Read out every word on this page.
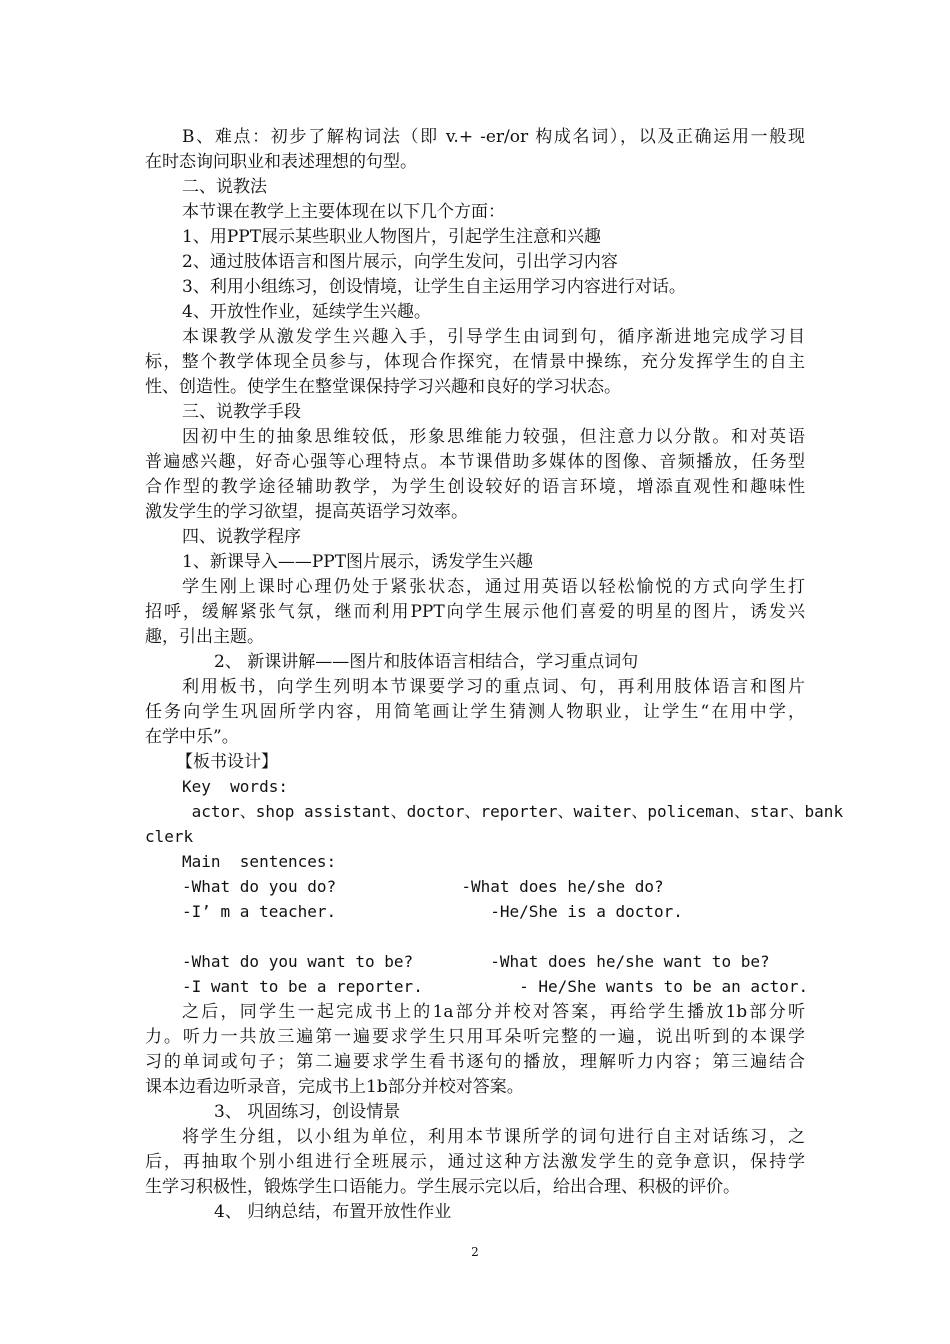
B、难点：初步了解构词法（即 v.+ -er/or 构成名词），以及正确运用一般现
在时态询问职业和表述理想的句型。
二、说教法
本节课在教学上主要体现在以下几个方面：
1、用PPT展示某些职业人物图片，引起学生注意和兴趣
2、通过肢体语言和图片展示，向学生发问，引出学习内容
3、利用小组练习，创设情境，让学生自主运用学习内容进行对话。
4、开放性作业，延续学生兴趣。
本课教学从激发学生兴趣入手，引导学生由词到句，循序渐进地完成学习目
标，整个教学体现全员参与，体现合作探究，在情景中操练，充分发挥学生的自主
性、创造性。使学生在整堂课保持学习兴趣和良好的学习状态。
三、说教学手段
因初中生的抽象思维较低，形象思维能力较强，但注意力以分散。和对英语
普遍感兴趣，好奇心强等心理特点。本节课借助多媒体的图像、音频播放，任务型
合作型的教学途径辅助教学，为学生创设较好的语言环境，增添直观性和趣味性
激发学生的学习欲望，提高英语学习效率。
四、说教学程序
1、新课导入——PPT图片展示，诱发学生兴趣
学生刚上课时心理仍处于紧张状态，通过用英语以轻松愉悦的方式向学生打
招呼，缓解紧张气氛，继而利用PPT向学生展示他们喜爱的明星的图片，诱发兴
趣，引出主题。
2、 新课讲解——图片和肢体语言相结合，学习重点词句
利用板书，向学生列明本节课要学习的重点词、句，再利用肢体语言和图片
任务向学生巩固所学内容，用简笔画让学生猜测人物职业，让学生“在用中学，
在学中乐”。
【板书设计】
Key  words:
actor、shop assistant、doctor、reporter、waiter、policeman、star、bank
clerk
Main  sentences:
-What do you do?             -What does he/she do?
-I’ m a teacher.                -He/She is a doctor.
-What do you want to be?        -What does he/she want to be?
-I want to be a reporter.          - He/She wants to be an actor.
之后，同学生一起完成书上的1a部分并校对答案，再给学生播放1b部分听
力。听力一共放三遍第一遍要求学生只用耳朵听完整的一遍，说出听到的本课学
习的单词或句子；第二遍要求学生看书逐句的播放，理解听力内容；第三遍结合
课本边看边听录音，完成书上1b部分并校对答案。
3、 巩固练习，创设情景
将学生分组，以小组为单位，利用本节课所学的词句进行自主对话练习，之
后，再抽取个别小组进行全班展示，通过这种方法激发学生的竞争意识，保持学
生学习积极性，锻炼学生口语能力。学生展示完以后，给出合理、积极的评价。
4、 归纳总结，布置开放性作业
2
